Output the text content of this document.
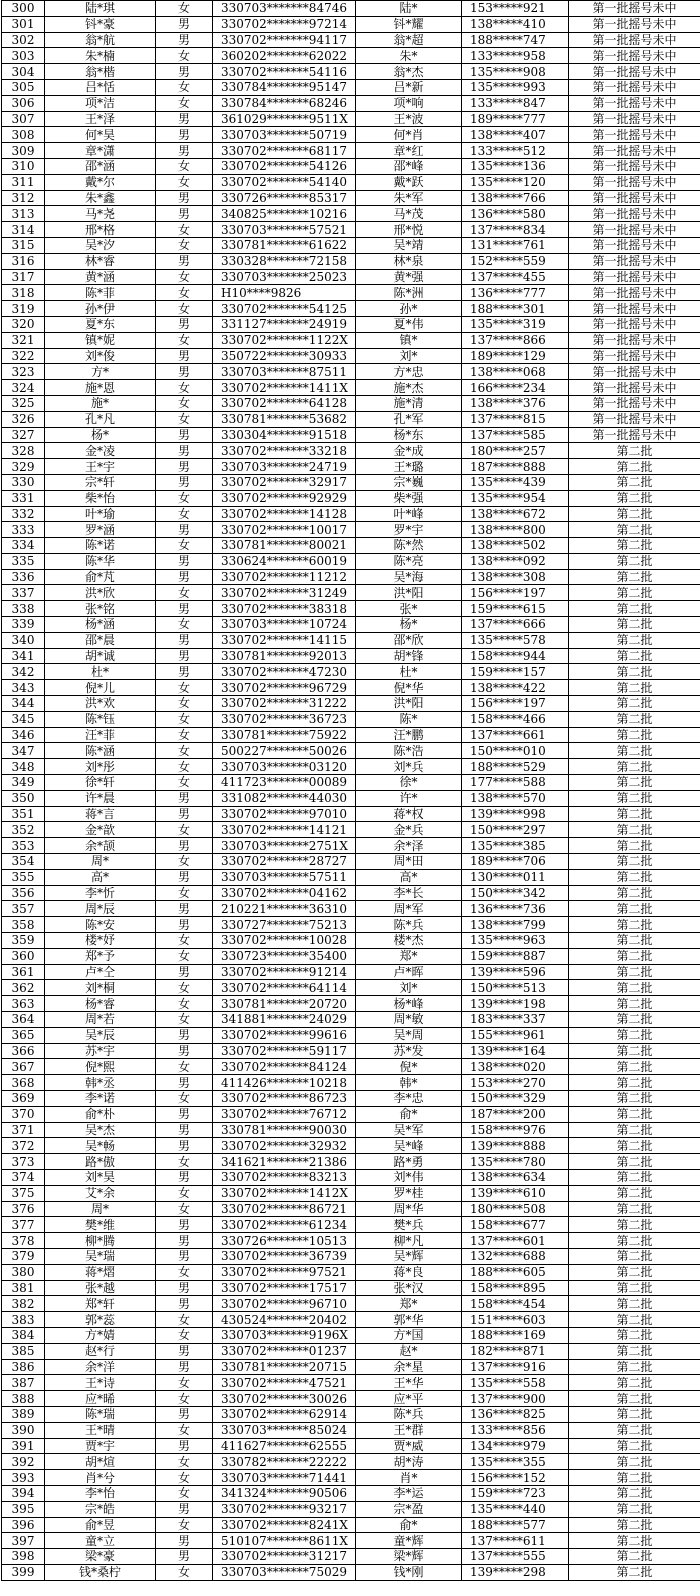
300	陆*琪	女	330703*******84746	陆*	153*****921	第一批摇号未中
301	钭*豪	男	330702*******97214	钭*耀	138*****410	第一批摇号未中
302	翁*航	男	330702*******94117	翁*超	188*****747	第一批摇号未中
303	朱*楠	女	360202*******62022	朱*	133*****958	第一批摇号未中
304	翁*楷	男	330702*******54116	翁*杰	135*****908	第一批摇号未中
305	吕*恬	女	330784*******95147	吕*新	135*****993	第一批摇号未中
306	项*洁	女	330784*******68246	项*响	133*****847	第一批摇号未中
307	王*泽	男	361029*******9511X	王*波	189*****777	第一批摇号未中
308	何*昊	男	330703*******50719	何*肖	138*****407	第一批摇号未中
309	章*潇	男	330702*******68117	章*红	133*****512	第一批摇号未中
310	邵*涵	女	330702*******54126	邵*峰	135*****136	第一批摇号未中
311	戴*尔	女	330702*******54140	戴*跃	135*****120	第一批摇号未中
312	朱*鑫	男	330726*******85317	朱*军	138*****766	第一批摇号未中
313	马*尧	男	340825*******10216	马*茂	136*****580	第一批摇号未中
314	邢*格	女	330703*******57521	邢*悦	137*****834	第一批摇号未中
315	吴*汐	女	330781*******61622	吴*靖	131*****761	第一批摇号未中
316	林*睿	男	330328*******72158	林*泉	152*****559	第一批摇号未中
317	黄*涵	女	330703*******25023	黄*强	137*****455	第一批摇号未中
318	陈*菲	女	H10****9826	陈*洲	136*****777	第一批摇号未中
319	孙*伊	女	330702*******54125	孙*	188*****301	第一批摇号未中
320	夏*东	男	331127*******24919	夏*伟	135*****319	第一批摇号未中
321	镇*妮	女	330702*******1122X	镇*	137*****866	第一批摇号未中
322	刘*俊	男	350722*******30933	刘*	189*****129	第一批摇号未中
323	方*	男	330703*******87511	方*忠	138*****068	第一批摇号未中
324	施*恩	女	330702*******1411X	施*杰	166*****234	第一批摇号未中
325	施*	女	330702*******64128	施*清	138*****376	第一批摇号未中
326	孔*凡	女	330781*******53682	孔*军	137*****815	第一批摇号未中
327	杨*	男	330304*******91518	杨*东	137*****585	第一批摇号未中
328	金*凌	男	330702*******33218	金*成	180*****257	第二批
329	王*宇	男	330703*******24719	王*璐	187*****888	第二批
330	宗*轩	男	330702*******32917	宗*巍	135*****439	第二批
331	柴*怡	女	330702*******92929	柴*强	135*****954	第二批
332	叶*瑜	女	330702*******14128	叶*峰	138*****672	第二批
333	罗*涵	男	330702*******10017	罗*宇	138*****800	第二批
334	陈*诺	女	330781*******80021	陈*然	138*****502	第二批
335	陈*华	男	330624*******60019	陈*亮	138*****092	第二批
336	俞*芃	男	330702*******11212	吴*海	138*****308	第二批
337	洪*欣	女	330702*******31249	洪*阳	156*****197	第二批
338	张*铭	男	330702*******38318	张*	159*****615	第二批
339	杨*涵	女	330703*******10724	杨*	137*****666	第二批
340	邵*晨	男	330702*******14115	邵*欣	135*****578	第二批
341	胡*诚	男	330781*******92013	胡*锋	158*****944	第二批
342	杜*	男	330702*******47230	杜*	159*****157	第二批
343	倪*儿	女	330702*******96729	倪*华	138*****422	第二批
344	洪*欢	女	330702*******31222	洪*阳	156*****197	第二批
345	陈*钰	女	330702*******36723	陈*	158*****466	第二批
346	汪*菲	女	330781*******75922	汪*鹏	137*****661	第二批
347	陈*涵	女	500227*******50026	陈*浩	150*****010	第二批
348	刘*彤	女	330703*******03120	刘*兵	188*****529	第二批
349	徐*轩	女	411723*******00089	徐*	177*****588	第二批
350	许*晨	男	331082*******44030	许*	138*****570	第二批
351	蒋*言	男	330702*******97010	蒋*权	139*****998	第二批
352	金*歆	女	330702*******14121	金*兵	150*****297	第二批
353	余*颉	男	330703*******2751X	余*泽	135*****385	第二批
354	周*	女	330702*******28727	周*田	189*****706	第二批
355	高*	男	330703*******57511	高*	130*****011	第二批
356	李*忻	女	330702*******04162	李*长	150*****342	第二批
357	周*辰	男	210221*******36310	周*军	136*****736	第二批
358	陈*安	男	330727*******75213	陈*兵	138*****799	第二批
359	楼*妤	女	330702*******10028	楼*杰	135*****963	第二批
360	郑*予	女	330723*******35400	郑*	159*****887	第二批
361	卢*仝	男	330702*******91214	卢*晖	139*****596	第二批
362	刘*桐	女	330702*******64114	刘*	150*****513	第二批
363	杨*睿	女	330781*******20720	杨*峰	139*****198	第二批
364	周*若	女	341881*******24029	周*敏	183*****337	第二批
365	吴*辰	男	330702*******99616	吴*周	155*****961	第二批
366	苏*宇	男	330702*******59117	苏*发	139*****164	第二批
367	倪*熙	女	330702*******84124	倪*	138*****020	第二批
368	韩*丞	男	411426*******10218	韩*	153*****270	第二批
369	李*诺	女	330702*******86723	李*忠	150*****329	第二批
370	俞*朴	男	330702*******76712	俞*	187*****200	第二批
371	吴*杰	男	330781*******90030	吴*军	158*****976	第二批
372	吴*畅	男	330702*******32932	吴*峰	139*****888	第二批
373	路*傲	女	341621*******21386	路*勇	135*****780	第二批
374	刘*昊	男	330702*******83213	刘*伟	138*****634	第二批
375	艾*余	女	330702*******1412X	罗*桂	139*****610	第二批
376	周*	女	330702*******86721	周*华	180*****508	第二批
377	樊*维	男	330702*******61234	樊*兵	158*****677	第二批
378	柳*腾	男	330726*******10513	柳*凡	137*****601	第二批
379	吴*瑞	男	330702*******36739	吴*辉	132*****688	第二批
380	蒋*熠	女	330702*******97521	蒋*良	188*****605	第二批
381	张*越	男	330702*******17517	张*汉	158*****895	第二批
382	郑*轩	男	330702*******96710	郑*	158*****454	第二批
383	郭*蕊	女	430524*******20402	郭*华	151*****603	第二批
384	方*婧	女	330703*******9196X	方*国	188*****169	第二批
385	赵*行	男	330702*******01237	赵*	182*****871	第二批
386	余*洋	男	330781*******20715	余*星	137*****916	第二批
387	王*诗	女	330702*******47521	王*华	135*****558	第二批
388	应*晞	女	330702*******30026	应*平	137*****900	第二批
389	陈*瑞	男	330702*******62914	陈*兵	136*****825	第二批
390	王*晴	女	330703*******85024	王*群	133*****856	第二批
391	贾*宇	男	411627*******62555	贾*威	134*****979	第二批
392	胡*煊	女	330782*******22222	胡*涛	135*****355	第二批
393	肖*兮	女	330703*******71441	肖*	156*****152	第二批
394	李*怡	女	341324*******90506	李*运	159*****723	第二批
395	宗*皓	男	330702*******93217	宗*盈	135*****440	第二批
396	俞*昱	女	330702*******8241X	俞*	188*****577	第二批
397	童*立	男	510107*******8611X	童*辉	137*****611	第二批
398	梁*豪	男	330702*******31217	梁*辉	137*****555	第二批
399	钱*桑柠	女	330703*******75029	钱*刚	139*****298	第二批
